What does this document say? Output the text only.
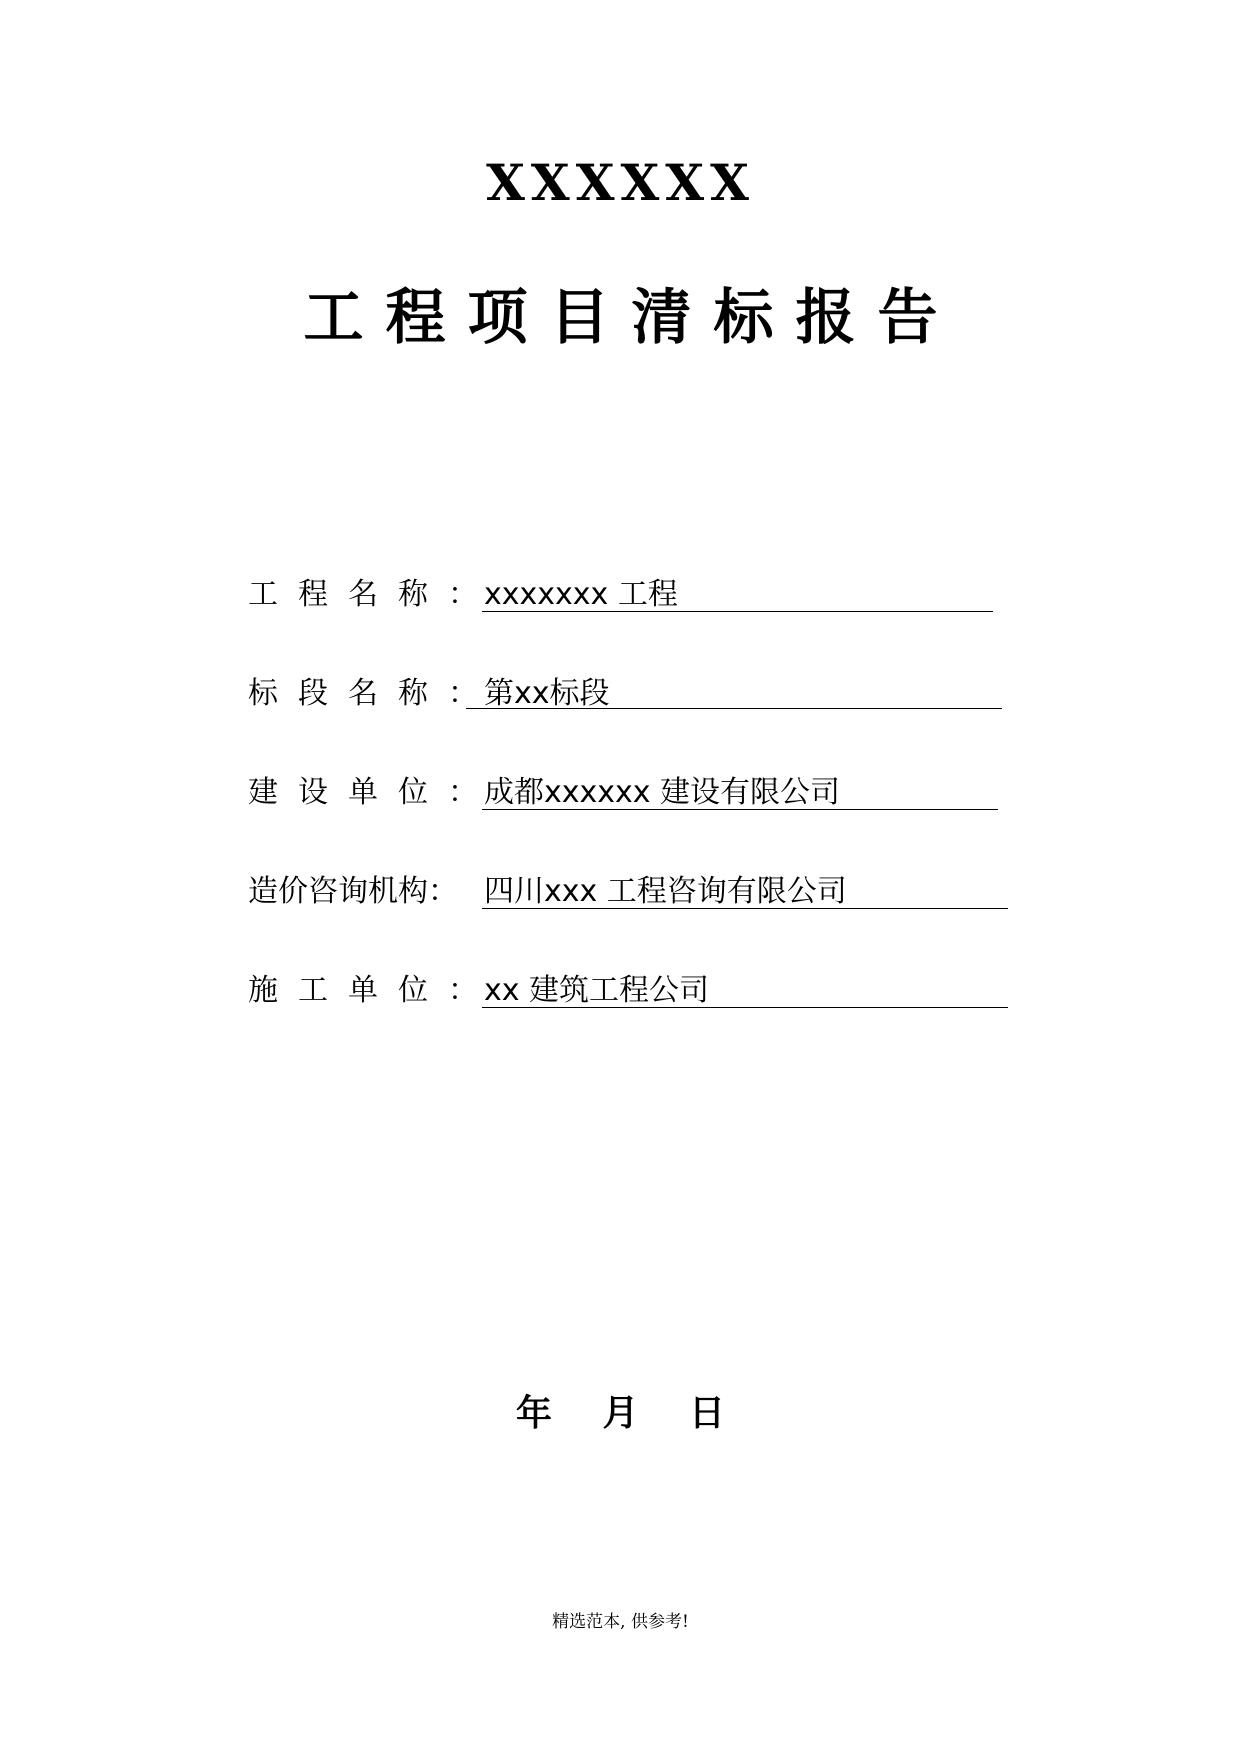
XXXXXX
工程项目清标报告
工程名称：
xxxxxxx 工程
标段名称：
第xx标段
建设单位：
成都xxxxxx 建设有限公司
造价咨询机构： 四川xxx 工程咨询有限公司
施工单位：
xx 建筑工程公司
年 月 日
精选范本, 供参考!
